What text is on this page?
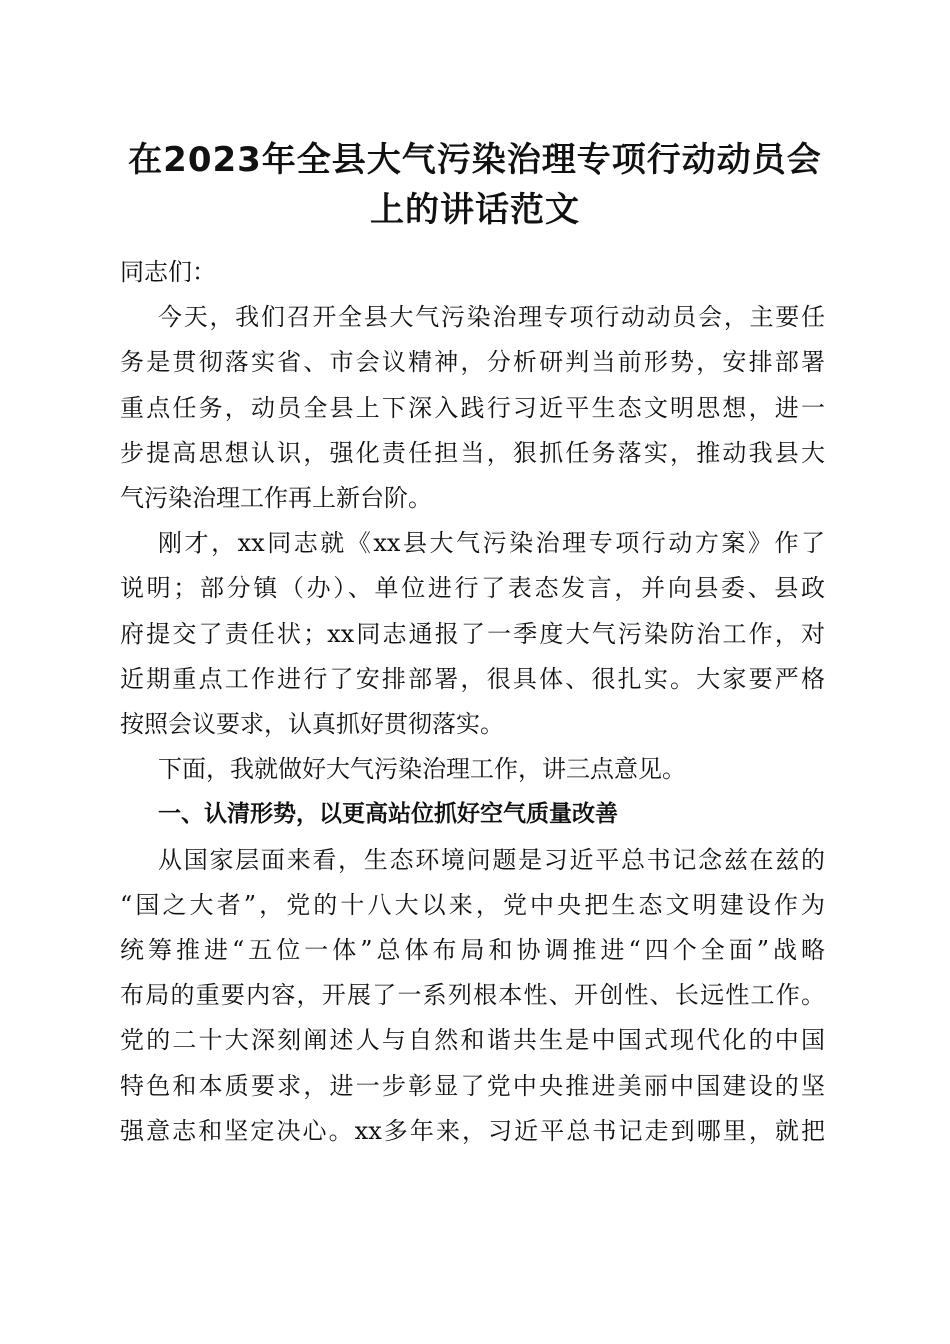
在2023年全县大气污染治理专项行动动员会
上的讲话范文

同志们：

今天，我们召开全县大气污染治理专项行动动员会，主要任
务是贯彻落实省、市会议精神，分析研判当前形势，安排部署
重点任务，动员全县上下深入践行习近平生态文明思想，进一
步提高思想认识，强化责任担当，狠抓任务落实，推动我县大
气污染治理工作再上新台阶。

刚才，xx同志就《xx县大气污染治理专项行动方案》作了
说明；部分镇（办）、单位进行了表态发言，并向县委、县政
府提交了责任状；xx同志通报了一季度大气污染防治工作，对
近期重点工作进行了安排部署，很具体、很扎实。大家要严格
按照会议要求，认真抓好贯彻落实。

下面，我就做好大气污染治理工作，讲三点意见。

一、认清形势，以更高站位抓好空气质量改善

从国家层面来看，生态环境问题是习近平总书记念兹在兹的
“国之大者”，党的十八大以来，党中央把生态文明建设作为
统筹推进“五位一体”总体布局和协调推进“四个全面”战略
布局的重要内容，开展了一系列根本性、开创性、长远性工作。
党的二十大深刻阐述人与自然和谐共生是中国式现代化的中国
特色和本质要求，进一步彰显了党中央推进美丽中国建设的坚
强意志和坚定决心。xx多年来，习近平总书记走到哪里，就把
